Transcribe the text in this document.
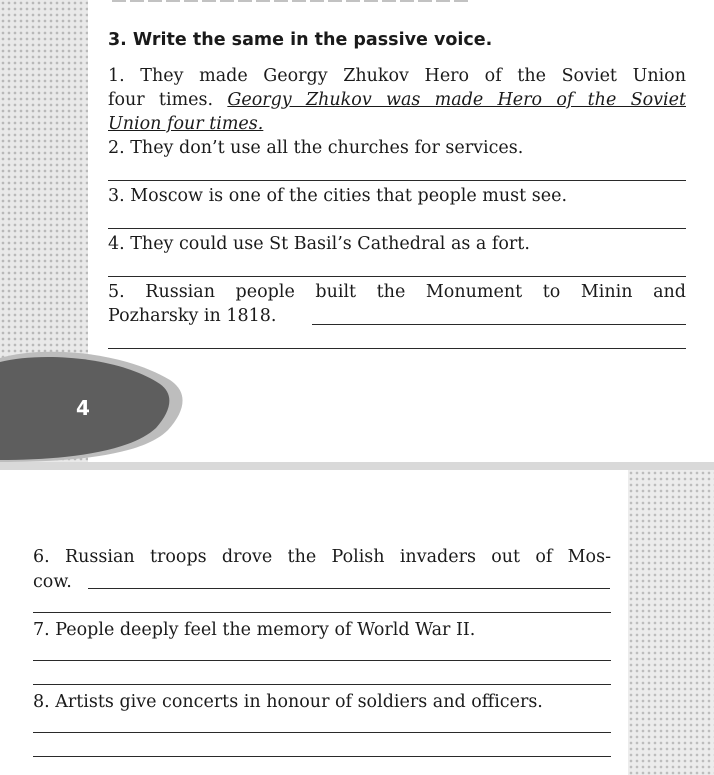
4
3. Write the same in the passive voice.
1. They made Georgy Zhukov Hero of the Soviet Union
four times. Georgy Zhukov was made Hero of the Soviet
Union four times.
2. They don’t use all the churches for services.
3. Moscow is one of the cities that people must see.
4. They could use St Basil’s Cathedral as a fort.
5. Russian people built the Monument to Minin and
Pozharsky in 1818.
6. Russian troops drove the Polish invaders out of Mos-
cow.
7. People deeply feel the memory of World War II.
8. Artists give concerts in honour of soldiers and officers.
